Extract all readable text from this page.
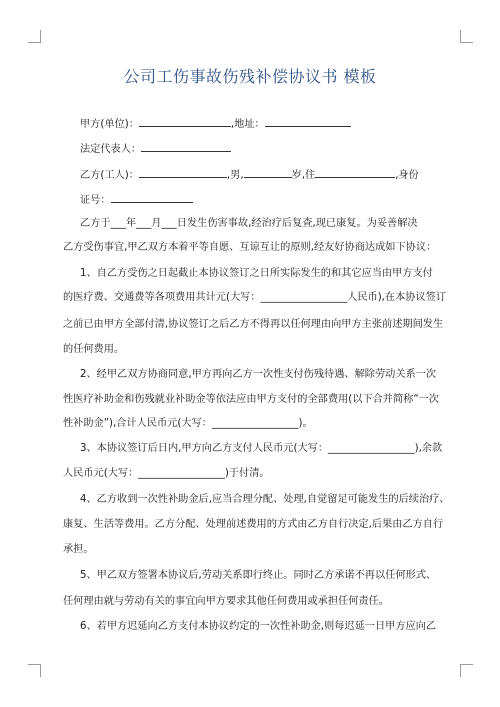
公司工伤事故伤残补偿协议书 模板
甲方(单位)：	,地址：
法定代表人：
乙方(工人)：	,男,	岁,住	,身份
证号：
乙方于___年___月___日发生伤害事故,经治疗后复查,现已康复。为妥善解决
乙方受伤事宜,甲乙双方本着平等自愿、互谅互让的原则,经友好协商达成如下协议：
1、自乙方受伤之日起截止本协议签订之日所实际发生的和其它应当由甲方支付
的医疗费、交通费等各项费用共计元(大写：_________________人民币),在本协议签订
之前已由甲方全部付清,协议签订之后乙方不得再以任何理由向甲方主张前述期间发生
的任何费用。
2、经甲乙双方协商同意,甲方再向乙方一次性支付伤残待遇、解除劳动关系一次
性医疗补助金和伤残就业补助金等依法应由甲方支付的全部费用(以下合并简称“一次
性补助金”),合计人民币元(大写：_________________)。
3、本协议签订后日内,甲方向乙方支付人民币元(大写：_________________),余款
人民币元(大写：_________________)于付清。
4、乙方收到一次性补助金后,应当合理分配、处理,自觉留足可能发生的后续治疗、
康复、生活等费用。乙方分配、处理前述费用的方式由乙方自行决定,后果由乙方自行
承担。
5、甲乙双方签署本协议后,劳动关系即行终止。同时乙方承诺不再以任何形式、
任何理由就与劳动有关的事宜向甲方要求其他任何费用或承担任何责任。
6、若甲方迟延向乙方支付本协议约定的一次性补助金,则每迟延一日甲方应向乙
